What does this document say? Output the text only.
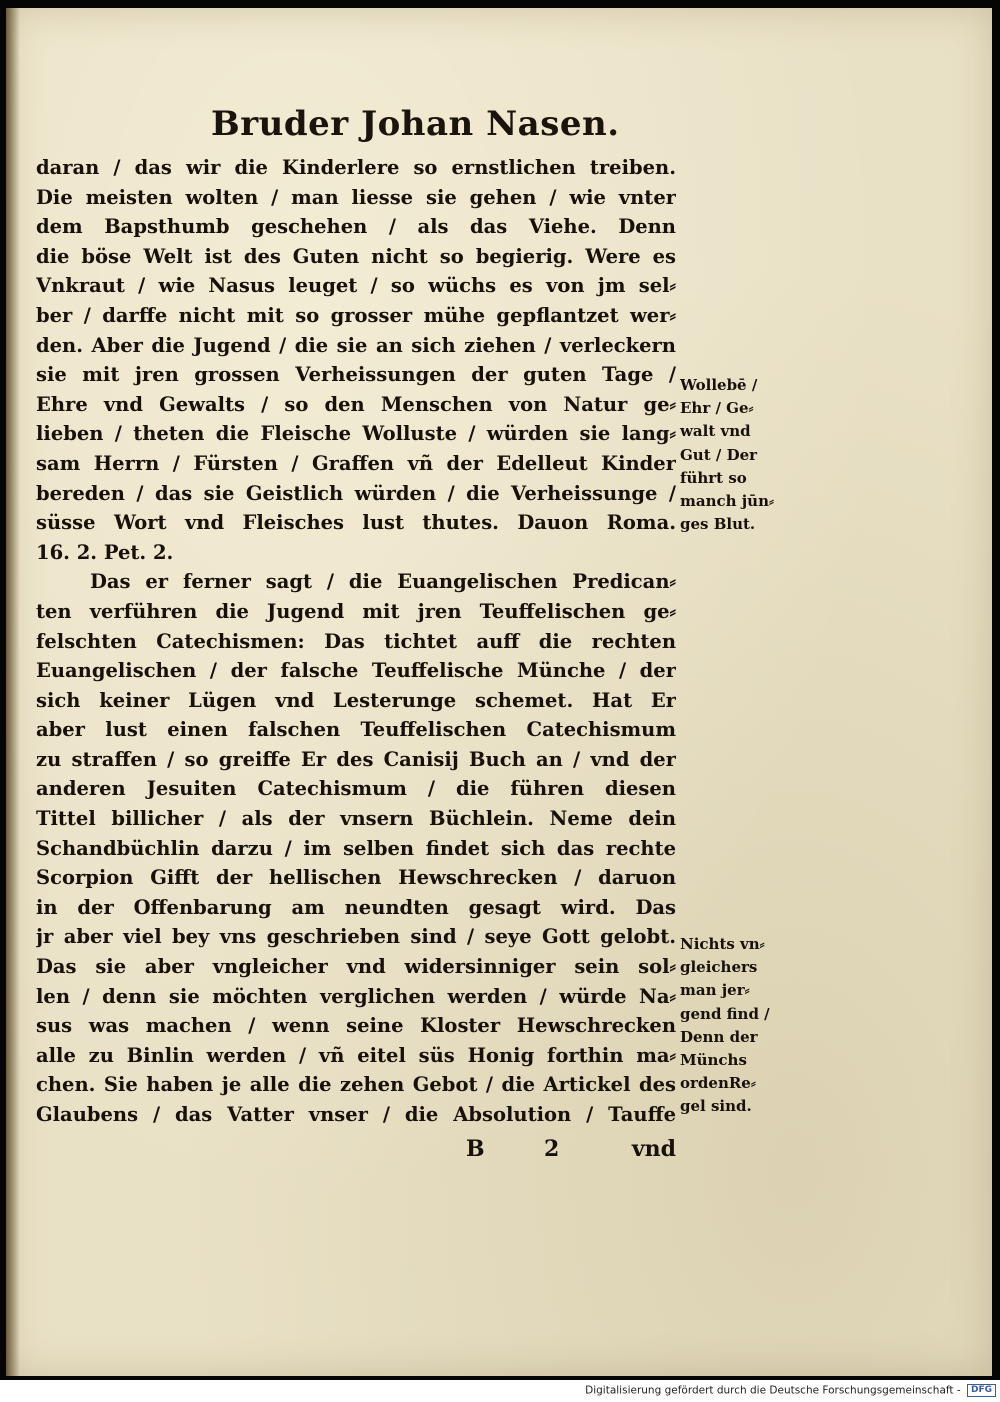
Bruder Johan Nasen.
daran / das wir die Kinderlere so ernstlichen treiben.
Die meisten wolten / man liesse sie gehen / wie vnter
dem Bapsthumb geschehen / als das Viehe. Denn
die böse Welt ist des Guten nicht so begierig. Were es
Vnkraut / wie Nasus leuget / so wüchs es von jm sel⸗
ber / darffe nicht mit so grosser mühe gepflantzet wer⸗
den. Aber die Jugend / die sie an sich ziehen / verleckern
sie mit jren grossen Verheissungen der guten Tage /
Ehre vnd Gewalts / so den Menschen von Natur ge⸗
lieben / theten die Fleische Wolluste / würden sie lang⸗
sam Herrn / Fürsten / Graffen vñ der Edelleut Kinder
bereden / das sie Geistlich würden / die Verheissunge /
süsse Wort vnd Fleisches lust thutes. Dauon Roma.
16. 2. Pet. 2.
Das er ferner sagt / die Euangelischen Predican⸗
ten verführen die Jugend mit jren Teuffelischen ge⸗
felschten Catechismen: Das tichtet auff die rechten
Euangelischen / der falsche Teuffelische Münche / der
sich keiner Lügen vnd Lesterunge schemet. Hat Er
aber lust einen falschen Teuffelischen Catechismum
zu straffen / so greiffe Er des Canisij Buch an / vnd der
anderen Jesuiten Catechismum / die führen diesen
Tittel billicher / als der vnsern Büchlein. Neme dein
Schandbüchlin darzu / im selben findet sich das rechte
Scorpion Gifft der hellischen Hewschrecken / daruon
in der Offenbarung am neundten gesagt wird. Das
jr aber viel bey vns geschrieben sind / seye Gott gelobt.
Das sie aber vngleicher vnd widersinniger sein sol⸗
len / denn sie möchten verglichen werden / würde Na⸗
sus was machen / wenn seine Kloster Hewschrecken
alle zu Binlin werden / vñ eitel süs Honig forthin ma⸗
chen. Sie haben je alle die zehen Gebot / die Artickel des
Glaubens / das Vatter vnser / die Absolution / Tauffe
Wollebē /
Ehr / Ge⸗
walt vnd
Gut / Der
führt so
manch jūn⸗
ges Blut.
Nichts vn⸗
gleichers
man jer⸗
gend find /
Denn der
Münchs
ordenRe⸗
gel sind.
B	2	vnd
Digitalisierung gefördert durch die Deutsche Forschungsgemeinschaft - DFG
